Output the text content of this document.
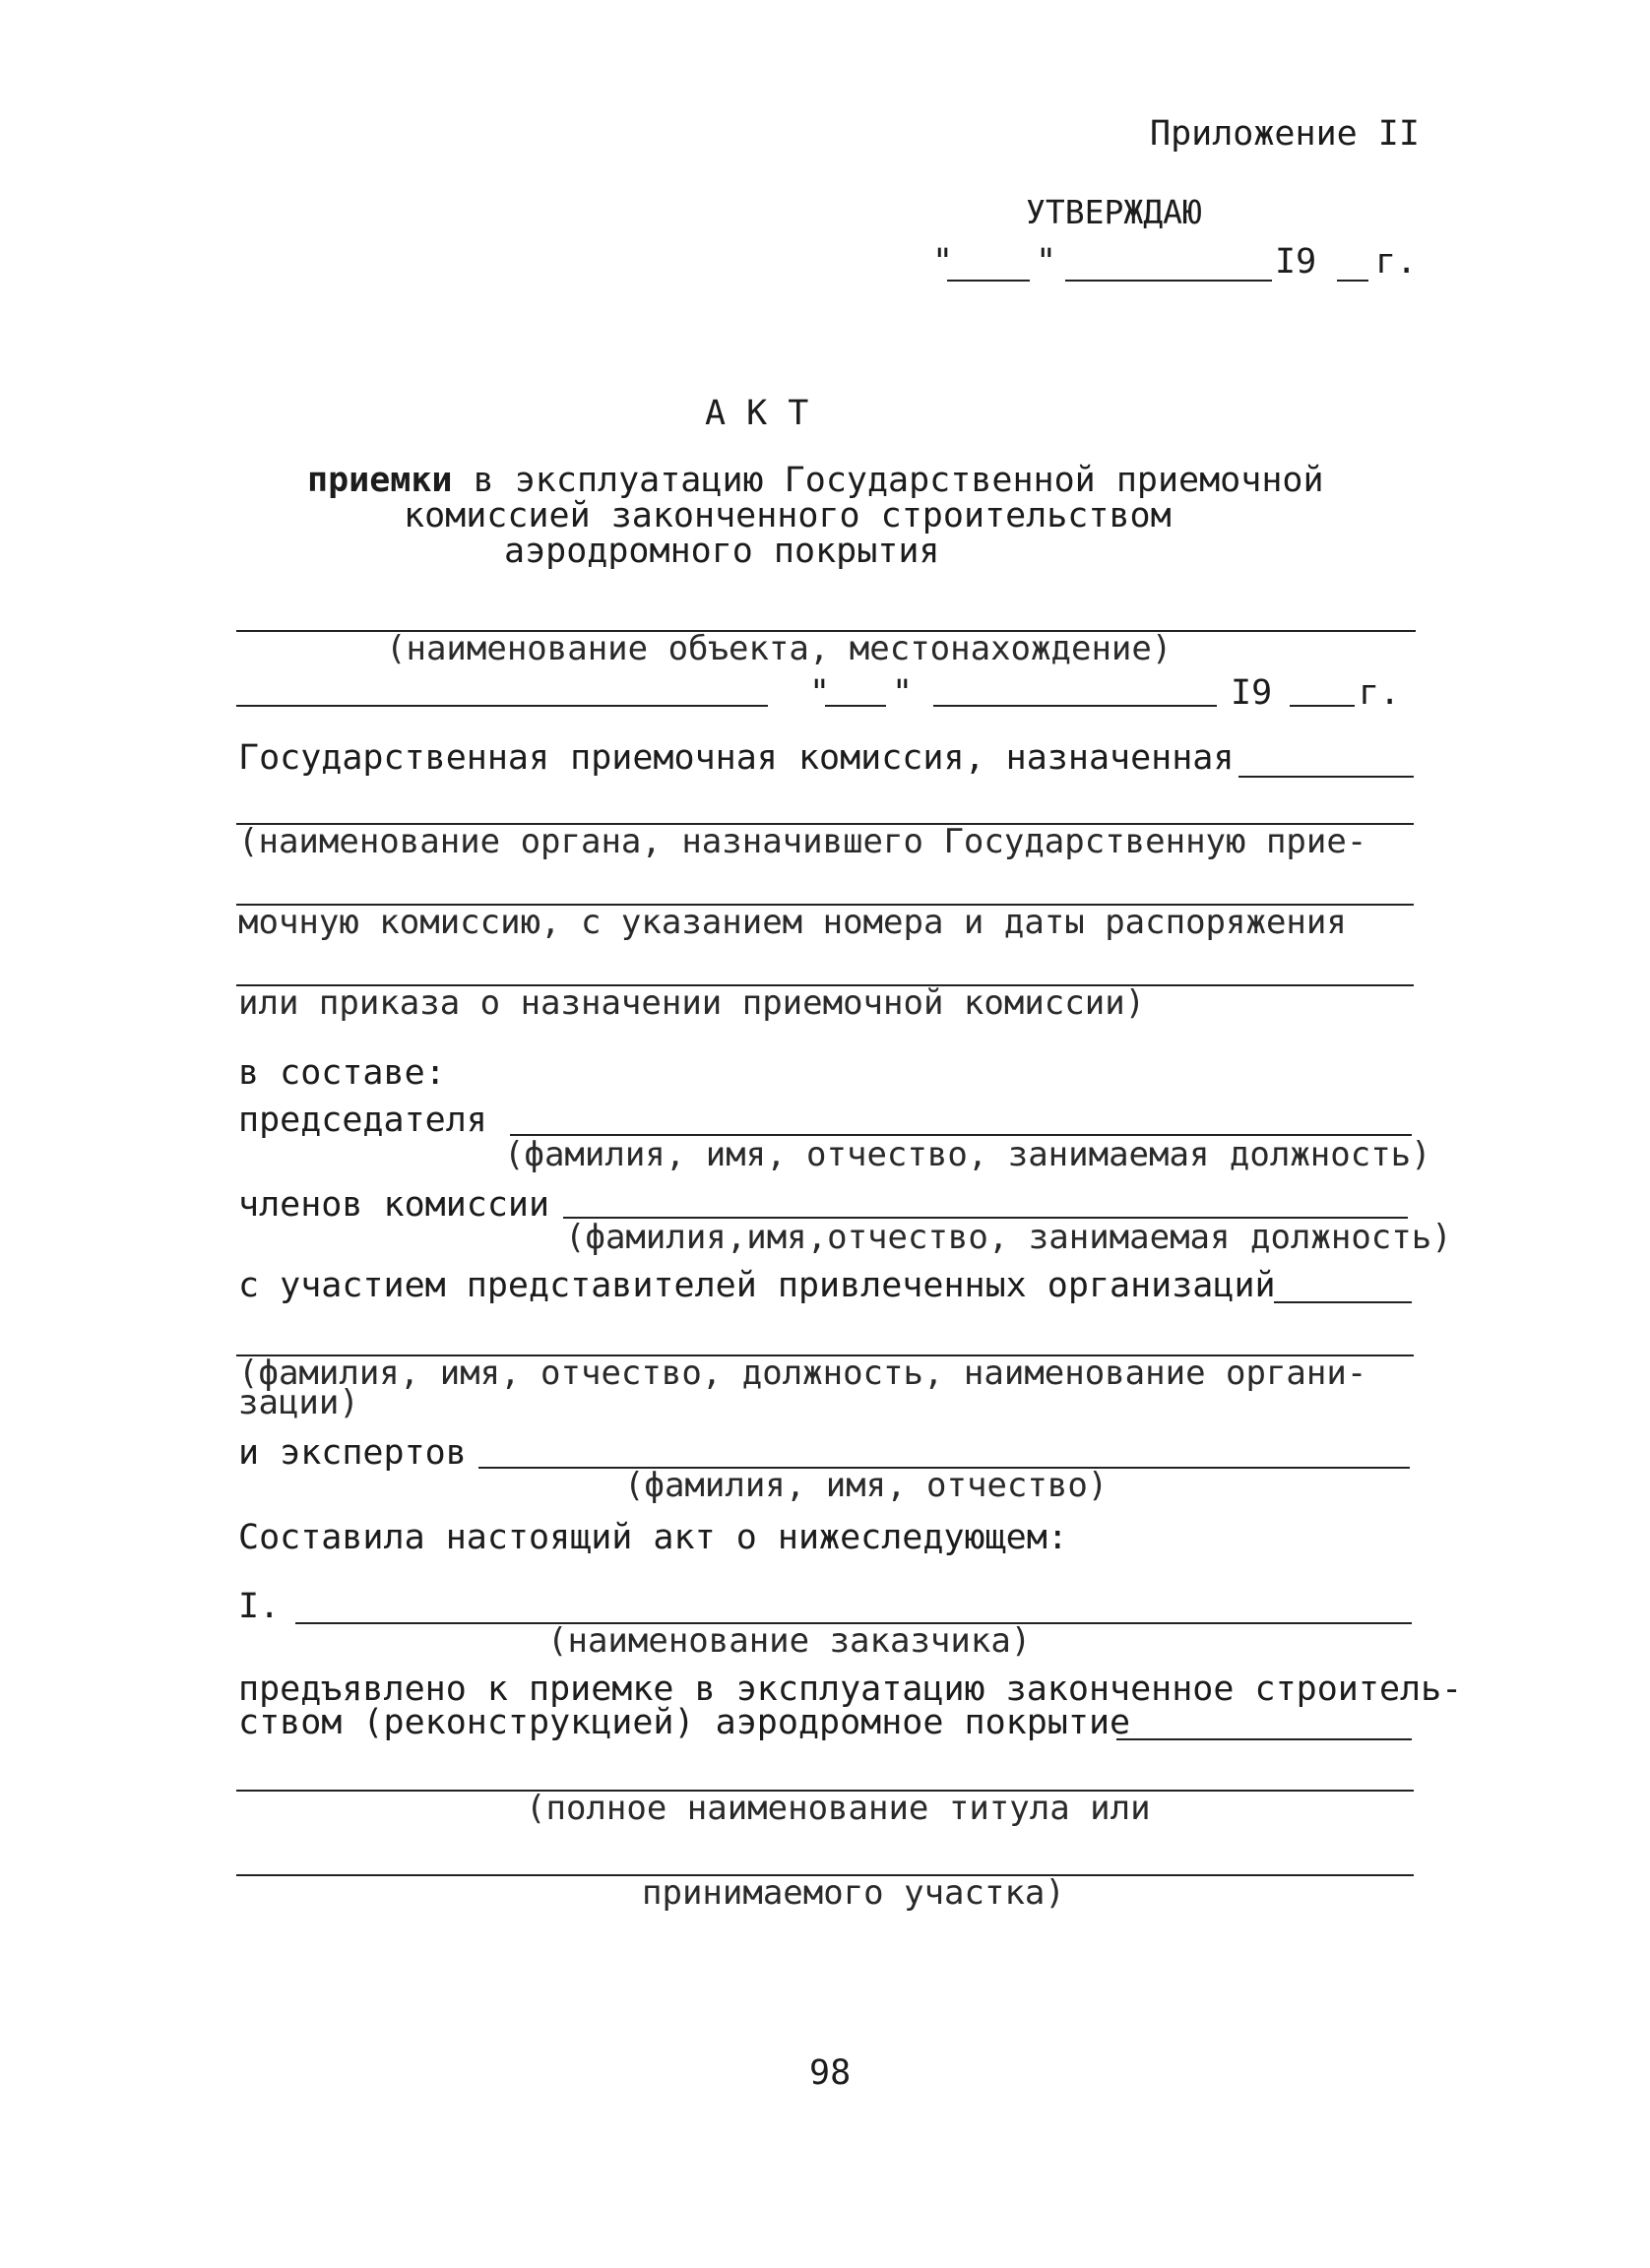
Приложение II
УТВЕРЖДАЮ
" "	I9 г.
А К Т
приемки в эксплуатацию Государственной приемочной
комиссией законченного строительством
аэродромного покрытия
(наименование объекта, местонахождение)
" "	I9	г.
Государственная приемочная комиссия, назначенная
(наименование органа, назначившего Государственную прие-
мочную комиссию, с указанием номера и даты распоряжения
или приказа о назначении приемочной комиссии)
в составе:
председателя
(фамилия, имя, отчество, занимаемая должность)
членов комиссии
(фамилия,имя,отчество, занимаемая должность)
с участием представителей привлеченных организаций
(фамилия, имя, отчество, должность, наименование органи-
зации)
и экспертов
(фамилия, имя, отчество)
Составила настоящий акт о нижеследующем:
I.
(наименование заказчика)
предъявлено к приемке в эксплуатацию законченное строитель-
ством (реконструкцией) аэродромное покрытие
(полное наименование титула или
принимаемого участка)
98
